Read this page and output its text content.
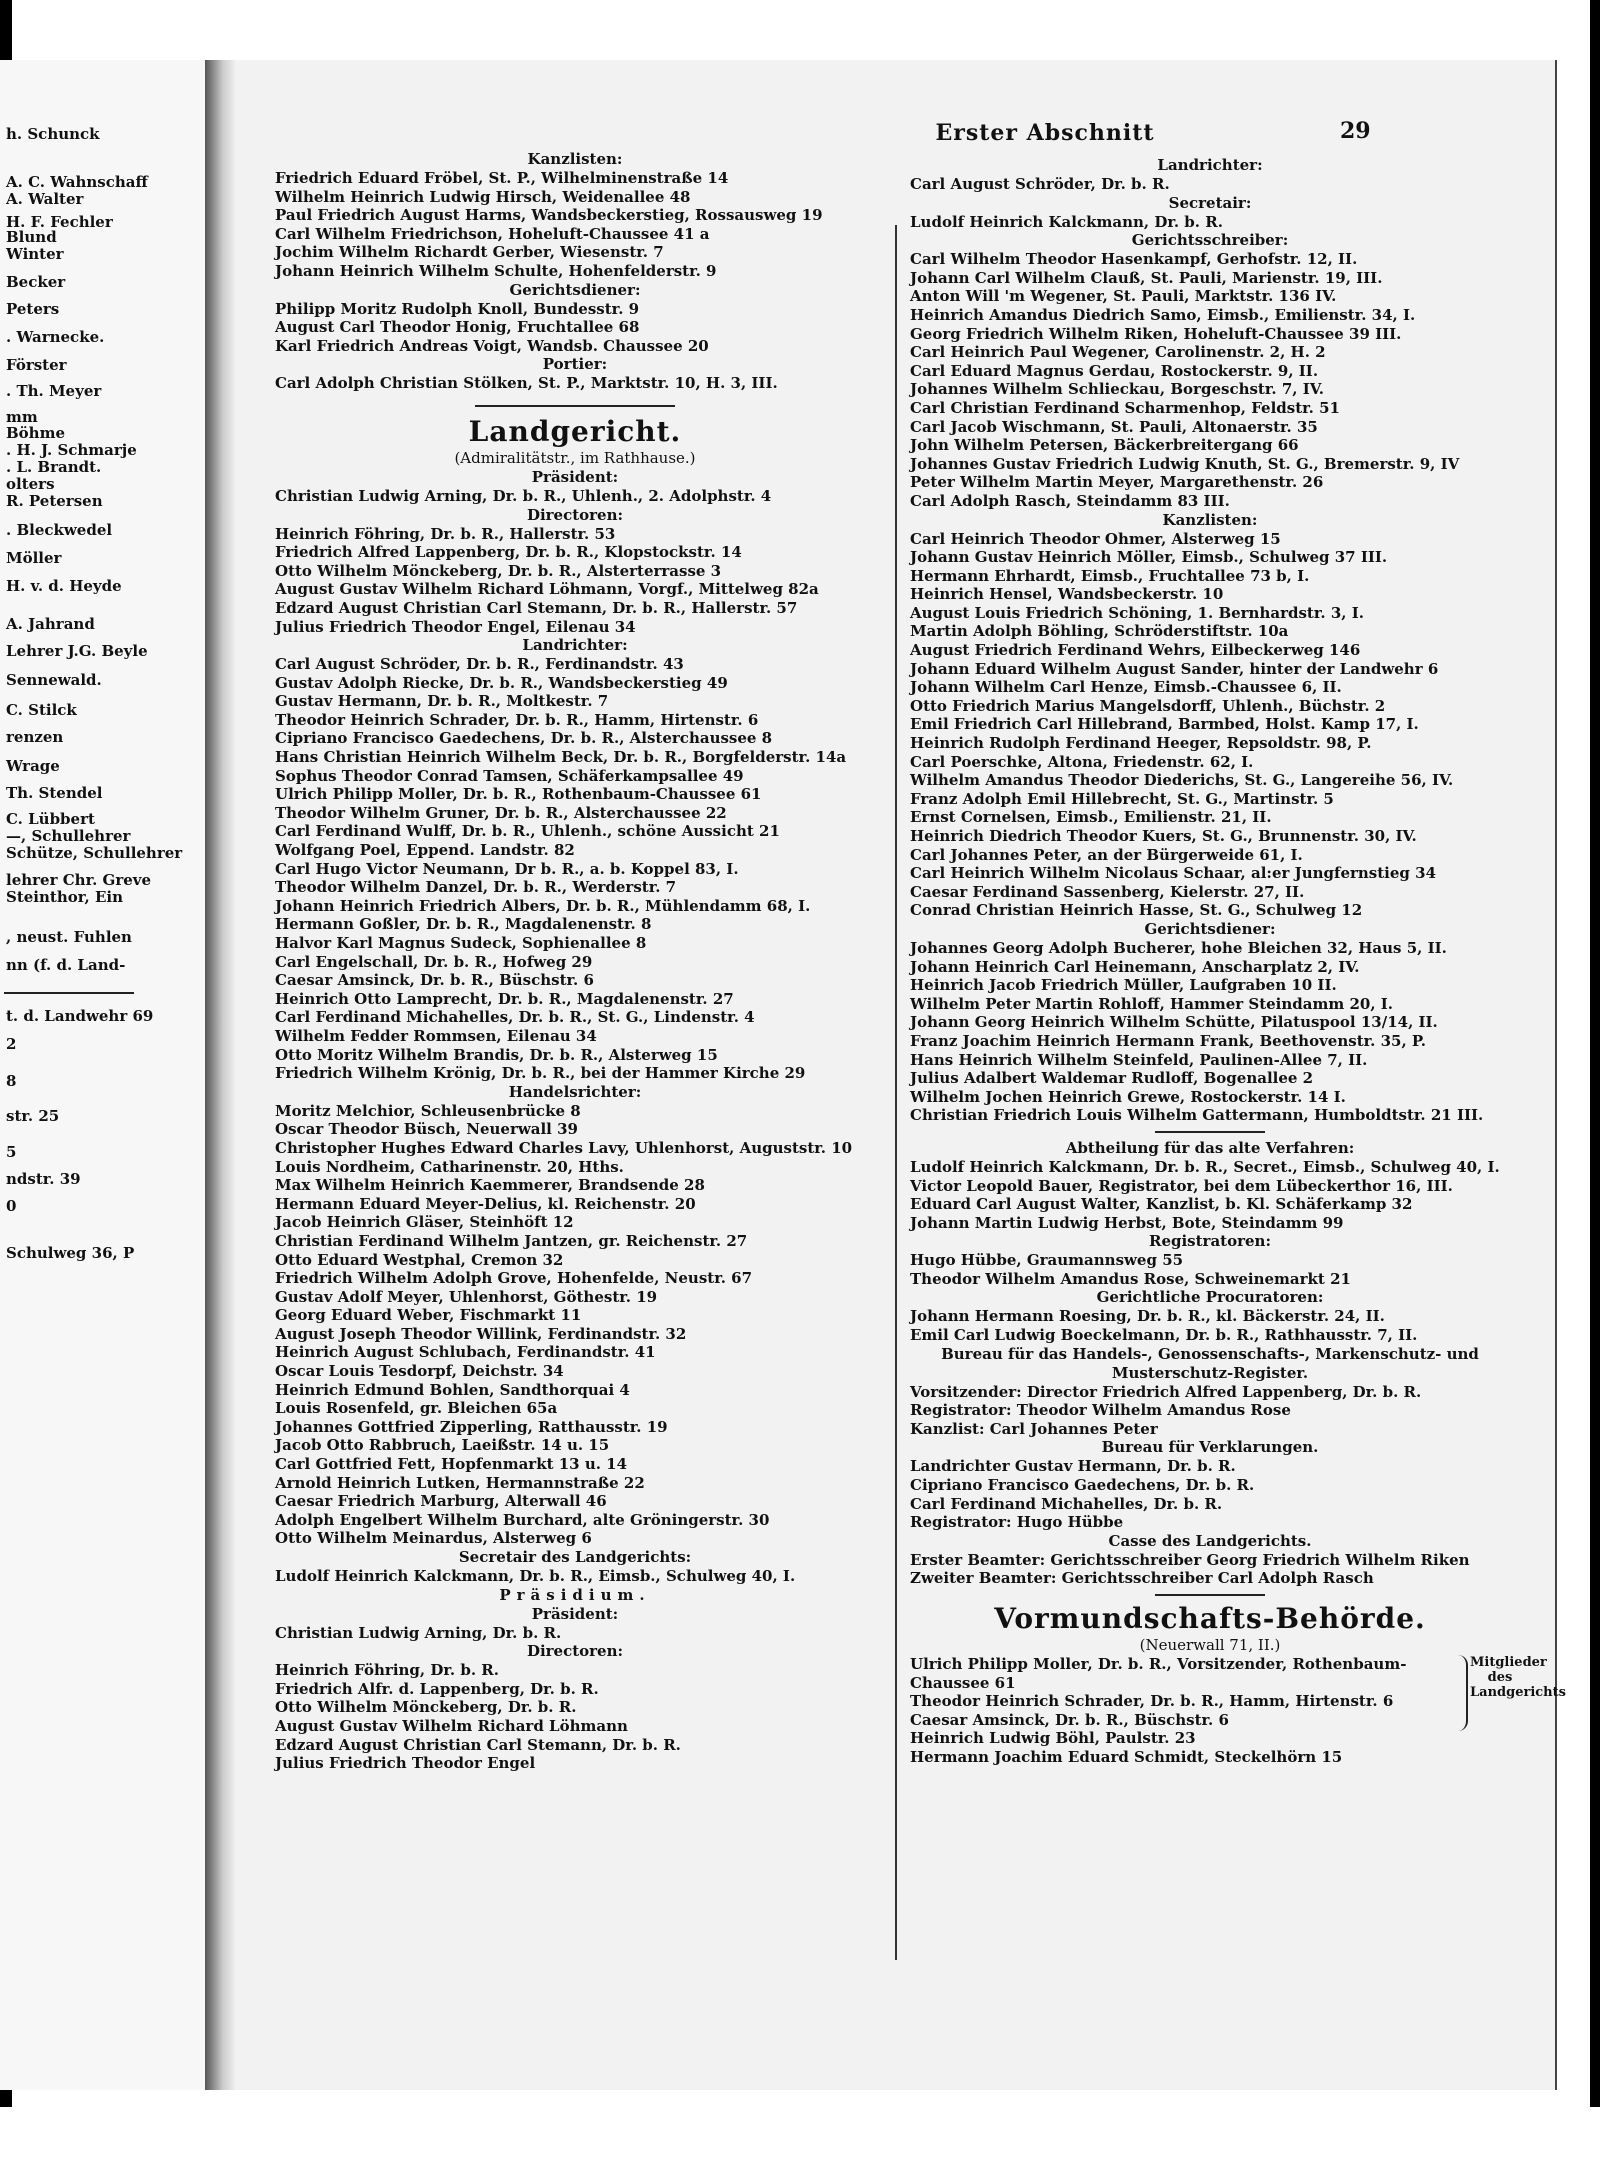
h. Schunck
A. C. Wahnschaff
A. Walter
H. F. Fechler
Blund
Winter
Becker
Peters
. Warnecke.
Förster
. Th. Meyer
mm
Böhme
. H. J. Schmarje
. L. Brandt.
olters
R. Petersen
. Bleckwedel
Möller
H. v. d. Heyde
A. Jahrand
Lehrer J.G. Beyle
Sennewald.
C. Stilck
renzen
Wrage
Th. Stendel
C. Lübbert
—, Schullehrer
Schütze, Schullehrer
lehrer Chr. Greve
Steinthor, Ein
, neust. Fuhlen
nn (f. d. Land-
t. d. Landwehr 69
2
8
str. 25
5
ndstr. 39
0
Schulweg 36, P
Erster Abschnitt	29

Kanzlisten:

Friedrich Eduard Fröbel, St. P., Wilhelminenstraße 14

Wilhelm Heinrich Ludwig Hirsch, Weidenallee 48

Paul Friedrich August Harms, Wandsbeckerstieg, Rossausweg 19

Carl Wilhelm Friedrichson, Hoheluft-Chaussee 41 a

Jochim Wilhelm Richardt Gerber, Wiesenstr. 7

Johann Heinrich Wilhelm Schulte, Hohenfelderstr. 9

Gerichtsdiener:

Philipp Moritz Rudolph Knoll, Bundesstr. 9

August Carl Theodor Honig, Fruchtallee 68

Karl Friedrich Andreas Voigt, Wandsb. Chaussee 20

Portier:

Carl Adolph Christian Stölken, St. P., Marktstr. 10, H. 3, III.

Landgericht.

(Admiralitätstr., im Rathhause.)

Präsident:

Christian Ludwig Arning, Dr. b. R., Uhlenh., 2. Adolphstr. 4

Directoren:

Heinrich Föhring, Dr. b. R., Hallerstr. 53

Friedrich Alfred Lappenberg, Dr. b. R., Klopstockstr. 14

Otto Wilhelm Mönckeberg, Dr. b. R., Alsterterrasse 3

August Gustav Wilhelm Richard Löhmann, Vorgf., Mittelweg 82a

Edzard August Christian Carl Stemann, Dr. b. R., Hallerstr. 57

Julius Friedrich Theodor Engel, Eilenau 34

Landrichter:

Carl August Schröder, Dr. b. R., Ferdinandstr. 43

Gustav Adolph Riecke, Dr. b. R., Wandsbeckerstieg 49

Gustav Hermann, Dr. b. R., Moltkestr. 7

Theodor Heinrich Schrader, Dr. b. R., Hamm, Hirtenstr. 6

Cipriano Francisco Gaedechens, Dr. b. R., Alsterchaussee 8

Hans Christian Heinrich Wilhelm Beck, Dr. b. R., Borgfelderstr. 14a

Sophus Theodor Conrad Tamsen, Schäferkampsallee 49

Ulrich Philipp Moller, Dr. b. R., Rothenbaum-Chaussee 61

Theodor Wilhelm Gruner, Dr. b. R., Alsterchaussee 22

Carl Ferdinand Wulff, Dr. b. R., Uhlenh., schöne Aussicht 21

Wolfgang Poel, Eppend. Landstr. 82

Carl Hugo Victor Neumann, Dr b. R., a. b. Koppel 83, I.

Theodor Wilhelm Danzel, Dr. b. R., Werderstr. 7

Johann Heinrich Friedrich Albers, Dr. b. R., Mühlendamm 68, I.

Hermann Goßler, Dr. b. R., Magdalenenstr. 8

Halvor Karl Magnus Sudeck, Sophienallee 8

Carl Engelschall, Dr. b. R., Hofweg 29

Caesar Amsinck, Dr. b. R., Büschstr. 6

Heinrich Otto Lamprecht, Dr. b. R., Magdalenenstr. 27

Carl Ferdinand Michahelles, Dr. b. R., St. G., Lindenstr. 4

Wilhelm Fedder Rommsen, Eilenau 34

Otto Moritz Wilhelm Brandis, Dr. b. R., Alsterweg 15

Friedrich Wilhelm Krönig, Dr. b. R., bei der Hammer Kirche 29

Handelsrichter:

Moritz Melchior, Schleusenbrücke 8

Oscar Theodor Büsch, Neuerwall 39

Christopher Hughes Edward Charles Lavy, Uhlenhorst, Auguststr. 10

Louis Nordheim, Catharinenstr. 20, Hths.

Max Wilhelm Heinrich Kaemmerer, Brandsende 28

Hermann Eduard Meyer-Delius, kl. Reichenstr. 20

Jacob Heinrich Gläser, Steinhöft 12

Christian Ferdinand Wilhelm Jantzen, gr. Reichenstr. 27

Otto Eduard Westphal, Cremon 32

Friedrich Wilhelm Adolph Grove, Hohenfelde, Neustr. 67

Gustav Adolf Meyer, Uhlenhorst, Göthestr. 19

Georg Eduard Weber, Fischmarkt 11

August Joseph Theodor Willink, Ferdinandstr. 32

Heinrich August Schlubach, Ferdinandstr. 41

Oscar Louis Tesdorpf, Deichstr. 34

Heinrich Edmund Bohlen, Sandthorquai 4

Louis Rosenfeld, gr. Bleichen 65a

Johannes Gottfried Zipperling, Ratthausstr. 19

Jacob Otto Rabbruch, Laeißstr. 14 u. 15

Carl Gottfried Fett, Hopfenmarkt 13 u. 14

Arnold Heinrich Lutken, Hermannstraße 22

Caesar Friedrich Marburg, Alterwall 46

Adolph Engelbert Wilhelm Burchard, alte Gröningerstr. 30

Otto Wilhelm Meinardus, Alsterweg 6

Secretair des Landgerichts:

Ludolf Heinrich Kalckmann, Dr. b. R., Eimsb., Schulweg 40, I.

Präsidium.

Präsident:

Christian Ludwig Arning, Dr. b. R.

Directoren:

Heinrich Föhring, Dr. b. R.

Friedrich Alfr. d. Lappenberg, Dr. b. R.

Otto Wilhelm Mönckeberg, Dr. b. R.

August Gustav Wilhelm Richard Löhmann

Edzard August Christian Carl Stemann, Dr. b. R.

Julius Friedrich Theodor Engel

Landrichter:

Carl August Schröder, Dr. b. R.

Secretair:

Ludolf Heinrich Kalckmann, Dr. b. R.

Gerichtsschreiber:

Carl Wilhelm Theodor Hasenkampf, Gerhofstr. 12, II.

Johann Carl Wilhelm Clauß, St. Pauli, Marienstr. 19, III.

Anton Will 'm Wegener, St. Pauli, Marktstr. 136 IV.

Heinrich Amandus Diedrich Samo, Eimsb., Emilienstr. 34, I.

Georg Friedrich Wilhelm Riken, Hoheluft-Chaussee 39 III.

Carl Heinrich Paul Wegener, Carolinenstr. 2, H. 2

Carl Eduard Magnus Gerdau, Rostockerstr. 9, II.

Johannes Wilhelm Schlieckau, Borgeschstr. 7, IV.

Carl Christian Ferdinand Scharmenhop, Feldstr. 51

Carl Jacob Wischmann, St. Pauli, Altonaerstr. 35

John Wilhelm Petersen, Bäckerbreitergang 66

Johannes Gustav Friedrich Ludwig Knuth, St. G., Bremerstr. 9, IV

Peter Wilhelm Martin Meyer, Margarethenstr. 26

Carl Adolph Rasch, Steindamm 83 III.

Kanzlisten:

Carl Heinrich Theodor Ohmer, Alsterweg 15

Johann Gustav Heinrich Möller, Eimsb., Schulweg 37 III.

Hermann Ehrhardt, Eimsb., Fruchtallee 73 b, I.

Heinrich Hensel, Wandsbeckerstr. 10

August Louis Friedrich Schöning, 1. Bernhardstr. 3, I.

Martin Adolph Böhling, Schröderstiftstr. 10a

August Friedrich Ferdinand Wehrs, Eilbeckerweg 146

Johann Eduard Wilhelm August Sander, hinter der Landwehr 6

Johann Wilhelm Carl Henze, Eimsb.-Chaussee 6, II.

Otto Friedrich Marius Mangelsdorff, Uhlenh., Büchstr. 2

Emil Friedrich Carl Hillebrand, Barmbed, Holst. Kamp 17, I.

Heinrich Rudolph Ferdinand Heeger, Repsoldstr. 98, P.

Carl Poerschke, Altona, Friedenstr. 62, I.

Wilhelm Amandus Theodor Diederichs, St. G., Langereihe 56, IV.

Franz Adolph Emil Hillebrecht, St. G., Martinstr. 5

Ernst Cornelsen, Eimsb., Emilienstr. 21, II.

Heinrich Diedrich Theodor Kuers, St. G., Brunnenstr. 30, IV.

Carl Johannes Peter, an der Bürgerweide 61, I.

Carl Heinrich Wilhelm Nicolaus Schaar, al:er Jungfernstieg 34

Caesar Ferdinand Sassenberg, Kielerstr. 27, II.

Conrad Christian Heinrich Hasse, St. G., Schulweg 12

Gerichtsdiener:

Johannes Georg Adolph Bucherer, hohe Bleichen 32, Haus 5, II.

Johann Heinrich Carl Heinemann, Anscharplatz 2, IV.

Heinrich Jacob Friedrich Müller, Laufgraben 10 II.

Wilhelm Peter Martin Rohloff, Hammer Steindamm 20, I.

Johann Georg Heinrich Wilhelm Schütte, Pilatuspool 13/14, II.

Franz Joachim Heinrich Hermann Frank, Beethovenstr. 35, P.

Hans Heinrich Wilhelm Steinfeld, Paulinen-Allee 7, II.

Julius Adalbert Waldemar Rudloff, Bogenallee 2

Wilhelm Jochen Heinrich Grewe, Rostockerstr. 14 I.

Christian Friedrich Louis Wilhelm Gattermann, Humboldtstr. 21 III.

Abtheilung für das alte Verfahren:

Ludolf Heinrich Kalckmann, Dr. b. R., Secret., Eimsb., Schulweg 40, I.

Victor Leopold Bauer, Registrator, bei dem Lübeckerthor 16, III.

Eduard Carl August Walter, Kanzlist, b. Kl. Schäferkamp 32

Johann Martin Ludwig Herbst, Bote, Steindamm 99

Registratoren:

Hugo Hübbe, Graumannsweg 55

Theodor Wilhelm Amandus Rose, Schweinemarkt 21

Gerichtliche Procuratoren:

Johann Hermann Roesing, Dr. b. R., kl. Bäckerstr. 24, II.

Emil Carl Ludwig Boeckelmann, Dr. b. R., Rathhausstr. 7, II.

Bureau für das Handels-, Genossenschafts-, Markenschutz- und

Musterschutz-Register.

Vorsitzender: Director Friedrich Alfred Lappenberg, Dr. b. R.

Registrator: Theodor Wilhelm Amandus Rose

Kanzlist: Carl Johannes Peter

Bureau für Verklarungen.

Landrichter Gustav Hermann, Dr. b. R.

Cipriano Francisco Gaedechens, Dr. b. R.

Carl Ferdinand Michahelles, Dr. b. R.

Registrator: Hugo Hübbe

Casse des Landgerichts.

Erster Beamter: Gerichtsschreiber Georg Friedrich Wilhelm Riken

Zweiter Beamter: Gerichtsschreiber Carl Adolph Rasch

Vormundschafts-Behörde.

(Neuerwall 71, II.)

Ulrich Philipp Moller, Dr. b. R., Vorsitzender, Rothenbaum-

Chaussee 61

Theodor Heinrich Schrader, Dr. b. R., Hamm, Hirtenstr. 6

Caesar Amsinck, Dr. b. R., Büschstr. 6

Mitglieder des Landgerichts

Heinrich Ludwig Böhl, Paulstr. 23

Hermann Joachim Eduard Schmidt, Steckelhörn 15
